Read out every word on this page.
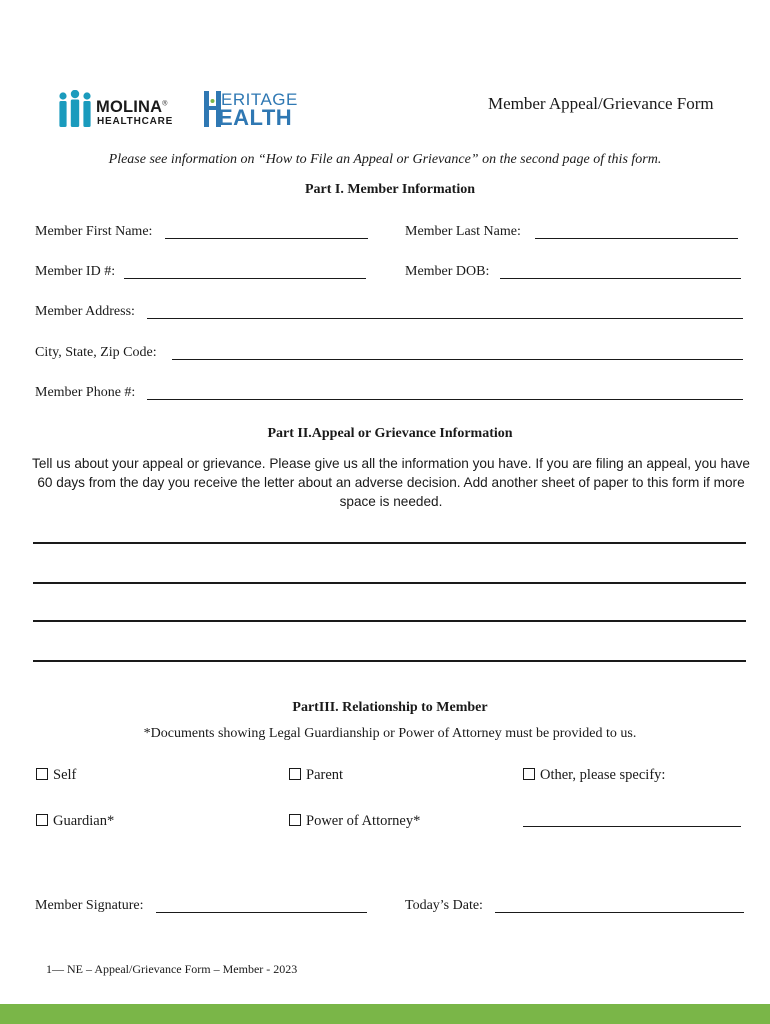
MOLINA®
HEALTHCARE
ERITAGE
EALTH
Member Appeal/Grievance Form
Please see information on “How to File an Appeal or Grievance” on the second page of this form.
Part I. Member Information
Member First Name:	Member Last Name:
Member ID #:	Member DOB:
Member Address:
City, State, Zip Code:
Member Phone #:
Part II.Appeal or Grievance Information
Tell us about your appeal or grievance. Please give us all the information you have. If you are filing an appeal, you have 60 days from the day you receive the letter about an adverse decision. Add another sheet of paper to this form if more space is needed.
PartIII. Relationship to Member
*Documents showing Legal Guardianship or Power of Attorney must be provided to us.
Self	Parent	Other, please specify:
Guardian*	Power of Attorney*
Member Signature:	Today’s Date:
1— NE – Appeal/Grievance Form – Member - 2023
